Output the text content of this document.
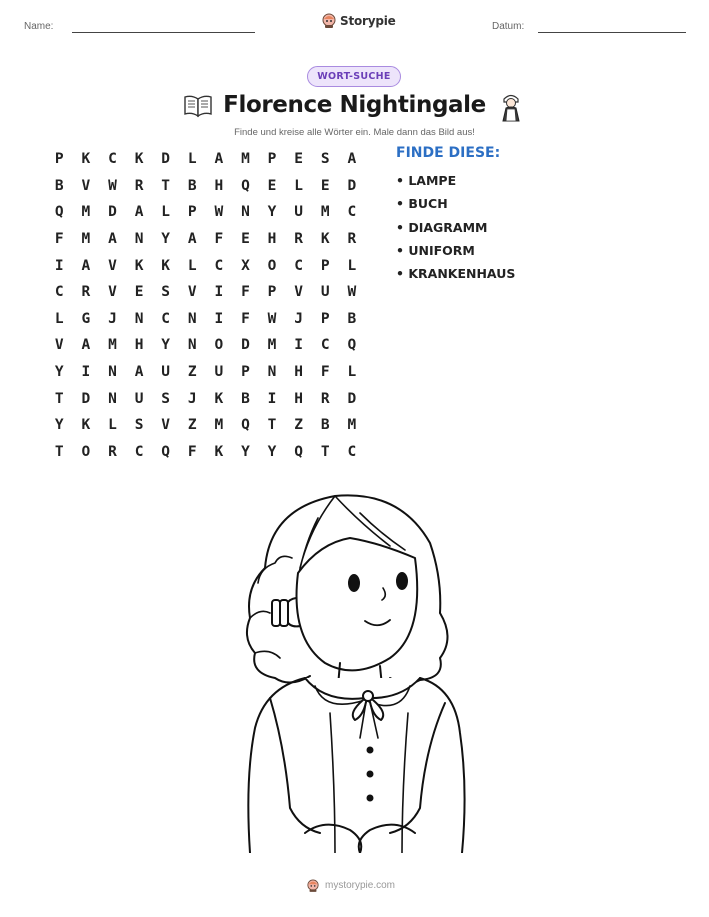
Name:	Storypie	Datum:
WORT-SUCHE
Florence Nightingale
Finde und kreise alle Wörter ein. Male dann das Bild aus!
P	K	C	K	D	L	A	M	P	E	S	A
B	V	W	R	T	B	H	Q	E	L	E	D
Q	M	D	A	L	P	W	N	Y	U	M	C
F	M	A	N	Y	A	F	E	H	R	K	R
I	A	V	K	K	L	C	X	O	C	P	L
C	R	V	E	S	V	I	F	P	V	U	W
L	G	J	N	C	N	I	F	W	J	P	B
V	A	M	H	Y	N	O	D	M	I	C	Q
Y	I	N	A	U	Z	U	P	N	H	F	L
T	D	N	U	S	J	K	B	I	H	R	D
Y	K	L	S	V	Z	M	Q	T	Z	B	M
T	O	R	C	Q	F	K	Y	Y	Q	T	C
FINDE DIESE:
• LAMPE
• BUCH
• DIAGRAMM
• UNIFORM
• KRANKENHAUS
mystorypie.com
